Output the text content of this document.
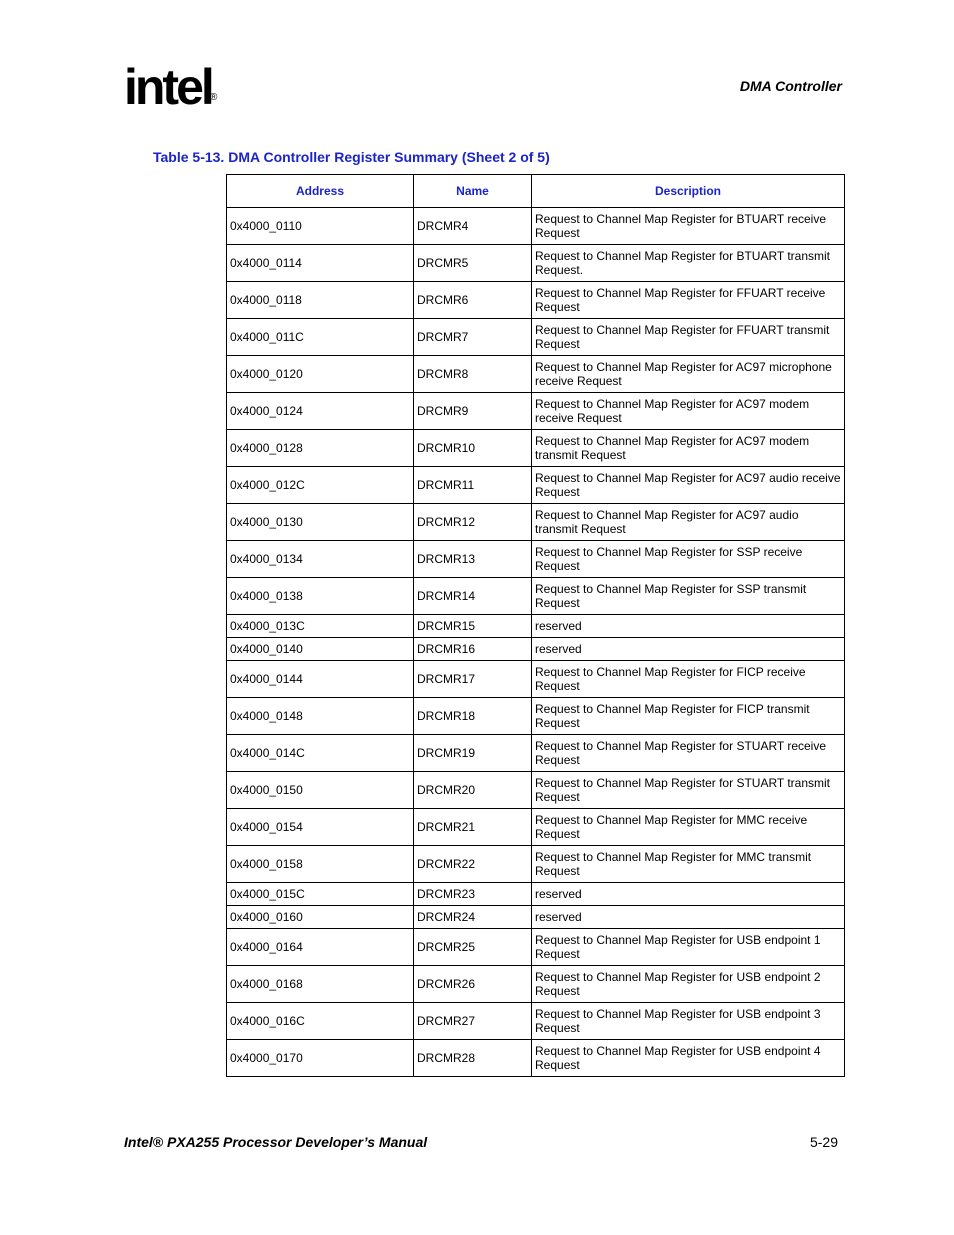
intel
®
DMA Controller
Table 5-13. DMA Controller Register Summary (Sheet 2 of 5)
Address	Name	Description
0x4000_0110	DRCMR4	Request to Channel Map Register for BTUART receive Request
0x4000_0114	DRCMR5	Request to Channel Map Register for BTUART transmit Request.
0x4000_0118	DRCMR6	Request to Channel Map Register for FFUART receive Request
0x4000_011C	DRCMR7	Request to Channel Map Register for FFUART transmit Request
0x4000_0120	DRCMR8	Request to Channel Map Register for AC97 microphone receive Request
0x4000_0124	DRCMR9	Request to Channel Map Register for AC97 modem receive Request
0x4000_0128	DRCMR10	Request to Channel Map Register for AC97 modem transmit Request
0x4000_012C	DRCMR11	Request to Channel Map Register for AC97 audio receive Request
0x4000_0130	DRCMR12	Request to Channel Map Register for AC97 audio transmit Request
0x4000_0134	DRCMR13	Request to Channel Map Register for SSP receive Request
0x4000_0138	DRCMR14	Request to Channel Map Register for SSP transmit Request
0x4000_013C	DRCMR15	reserved
0x4000_0140	DRCMR16	reserved
0x4000_0144	DRCMR17	Request to Channel Map Register for FICP receive Request
0x4000_0148	DRCMR18	Request to Channel Map Register for FICP transmit Request
0x4000_014C	DRCMR19	Request to Channel Map Register for STUART receive Request
0x4000_0150	DRCMR20	Request to Channel Map Register for STUART transmit Request
0x4000_0154	DRCMR21	Request to Channel Map Register for MMC receive Request
0x4000_0158	DRCMR22	Request to Channel Map Register for MMC transmit Request
0x4000_015C	DRCMR23	reserved
0x4000_0160	DRCMR24	reserved
0x4000_0164	DRCMR25	Request to Channel Map Register for USB endpoint 1 Request
0x4000_0168	DRCMR26	Request to Channel Map Register for USB endpoint 2 Request
0x4000_016C	DRCMR27	Request to Channel Map Register for USB endpoint 3 Request
0x4000_0170	DRCMR28	Request to Channel Map Register for USB endpoint 4 Request
Intel® PXA255 Processor Developer’s Manual	5-29
